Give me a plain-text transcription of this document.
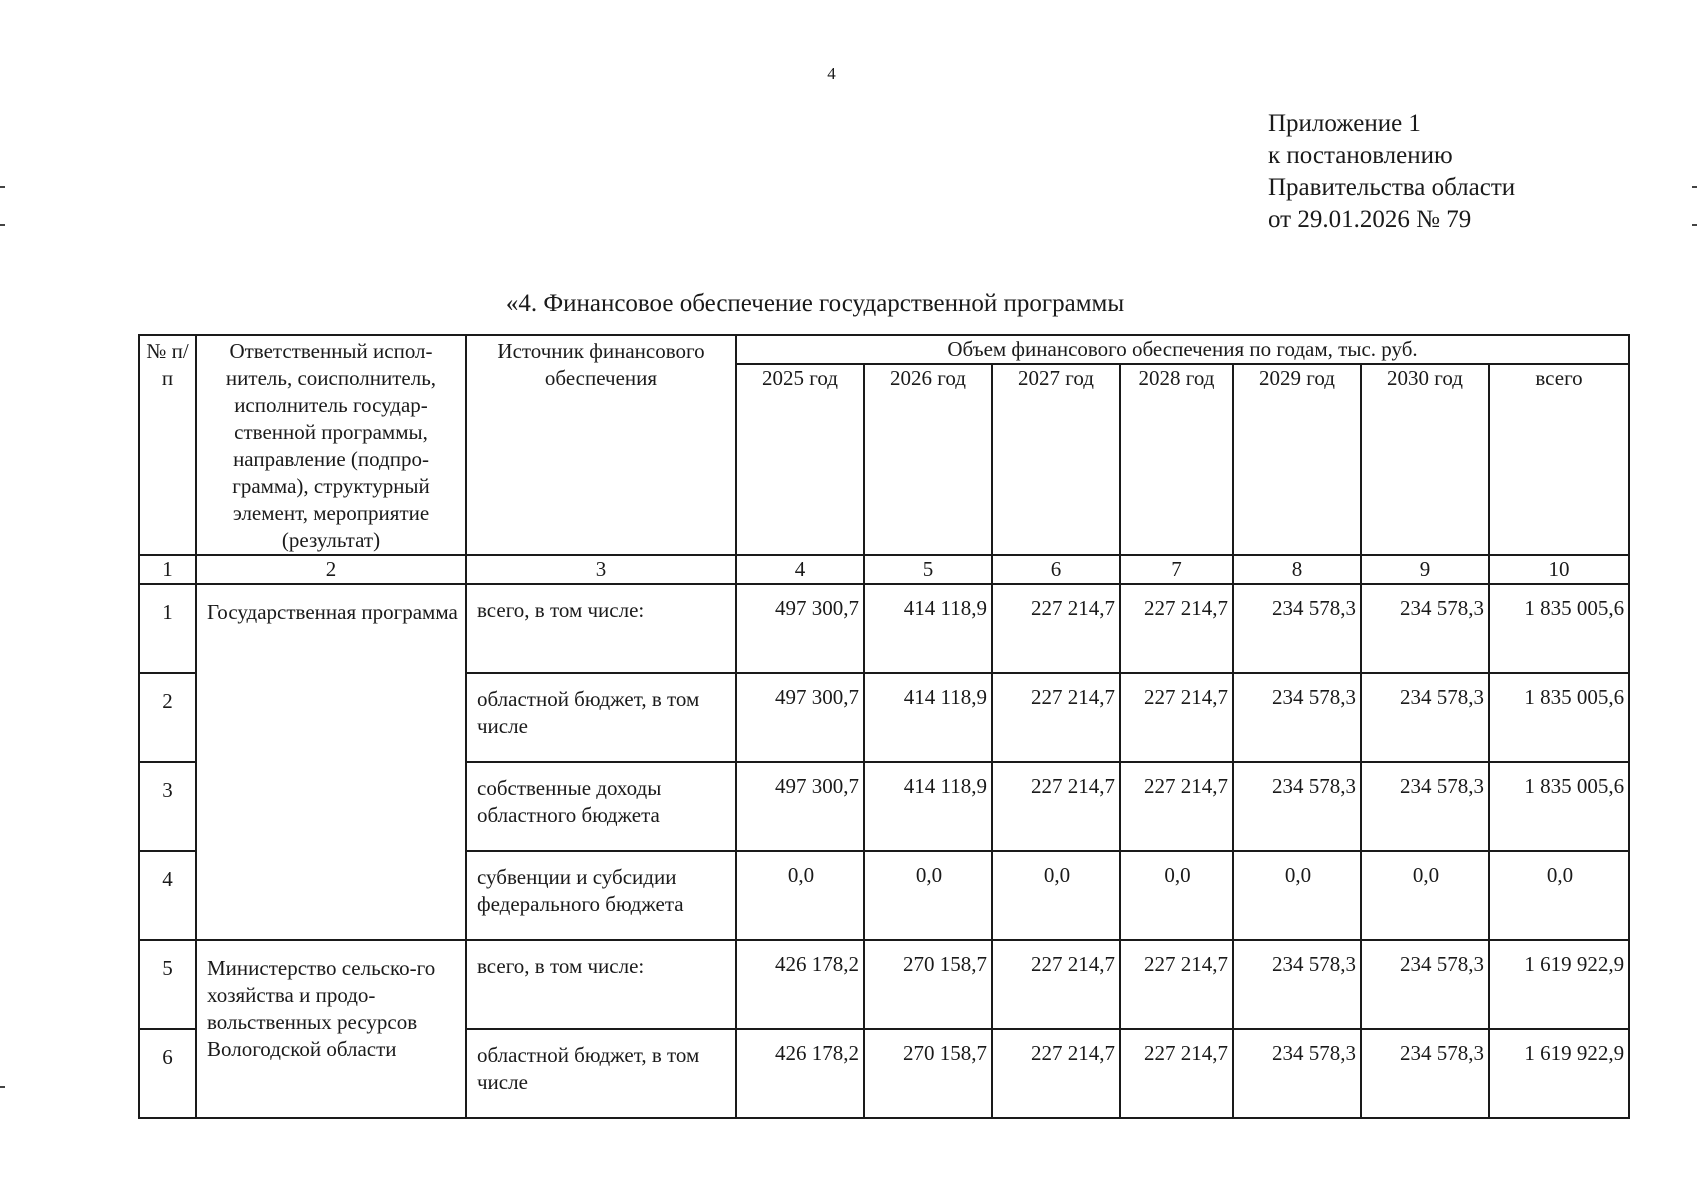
4
Приложение 1
к постановлению
Правительства области
от 29.01.2026 № 79
«4. Финансовое обеспечение государственной программы
№ п/п	Ответственный испол-нитель, соисполнитель, исполнитель государ-ственной программы, направление (подпро-грамма), структурный элемент, мероприятие (результат)	Источник финансового обеспечения	Объем финансового обеспечения по годам, тыс. руб.						
			2025 год	2026 год	2027 год	2028 год	2029 год	2030 год	всего
1	2	3	4	5	6	7	8	9	10
1	Государственная программа	всего, в том числе:	497 300,7	414 118,9	227 214,7	227 214,7	234 578,3	234 578,3	1 835 005,6
2		областной бюджет, в том числе	497 300,7	414 118,9	227 214,7	227 214,7	234 578,3	234 578,3	1 835 005,6
3		собственные доходы областного бюджета	497 300,7	414 118,9	227 214,7	227 214,7	234 578,3	234 578,3	1 835 005,6
4		субвенции и субсидии федерального бюджета	0,0	0,0	0,0	0,0	0,0	0,0	0,0
5	Министерство сельско-го хозяйства и продо-вольственных ресурсов Вологодской области	всего, в том числе:	426 178,2	270 158,7	227 214,7	227 214,7	234 578,3	234 578,3	1 619 922,9
6		областной бюджет, в том числе	426 178,2	270 158,7	227 214,7	227 214,7	234 578,3	234 578,3	1 619 922,9
